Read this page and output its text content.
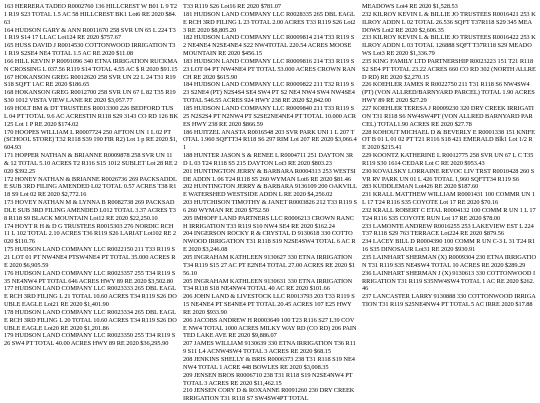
163 HERRERA TADEO R0002760 136 HILLCREST W B01 L 9 T21 R19 S23 TOTAL 1.5 AC 58 HILLCREST BK1 Lot6 RE 2020 $84.63

164 HUDSON GARY & ANN R0011670 258 SVR UN 65 L 224 T31 R19 S14 17 LLAC Lot124 RE 2020 $757.67

165 HUSS DAVID J R0014530 COTTONWOOD IRRIGATION T31 R19 S2SE4 NE4 TOTAL 1.5 AC RE 2020 $11.08

166 HILL KEVIN P R0091096 340 ETNA IRRIGATION RUCKMAN CROSSING L 037.56 R119 S14 TOTAL 4.55 AC $ R 2020 $91.15

167 HOKANSON GREG R0012620 258 SVR UN 22 L 24 T31 R19 S18 SQFT 1AC RE 2020 $186.65

168 HOKANSON GREG R0012700 258 SVR UN 67 L 82 T35 R19 S30 1012 VISTA VIEW LANE RE 2020 $3,057.77

169 HOLT BM & DT TRUSTEES R0013300 226 BEDFORD TUS L 04 PT TOTAL 9.6 AC ACRESTIN R118 S29 3143 CO RD 126 BK 125 Lot 1 P RE 2020 $174.02

170 HOOPES WILLIAM L R0007724 250 AFTON UN 1 L 02 PT (SCHOOL STORE) T32 R118 S39 190 FIR R2) Lot 1 p RE 2020 $1,604.93

171 HOPPER NATHAN & BRIANNE R0009878 258 SVR UN 11 & 12 TOTAL 5.10 ACRES T2 R116 S15 1012 SUBLET Lot 28 RE 2020 $392.25

172 HONEY NATHAN & BRIANNE R0026736 269 PACKSADDLE SUB 3RD FILING AMENDED L02 TOTAL 0.57 ACRES T38 R118 S9 Lot 02 RE 2020 $2,772.16

173 HOVEY NATHAN M & LYNNA B R0082738 269 PACKSADDLE SUB 3RD FILING AMENDED L012 TOTAL 3.37 ACRES T38 R118 S9 BLACK MOUNTAIN Lot12 RE 2020 $22,250.10

174 HOYT R H & D G TRUSTEES R0015303 276 NORDIC RCH 11 L 102 TOTAL 2.10 ACRES T36 R119 S26 LARIAT Lot102 RE 2020 $110.76

175 HUDSON LAND COMPANY LLC R0022150 211 T33 R119 S21 LOT 01 PT NW4NE4 PTSW4NE4 PT TOTAL 35.000 ACRES RE 2020 $6,905.59

176 HUDSON LAND COMPANY LLC R0023357 255 T34 R119 S35 NE4NW4 PT TOTAL 646 ACRES HWY 89 RE 2020 $3,502.80

177 HUDSON LAND COMPANY LLC R0023333 265 DBL EAGLE RCH 3RD FILING L 21 TOTAL 10.60 ACRES T34 R119 S26 DOUBLE EAGLE Lot21 RE 2020 $1,401.90

178 HUDSON LAND COMPANY LLC R0023334 265 DBL EAGLE RCH 3RD FILING L 20 TOTAL 10.60 ACRES T34 R119 S26 DOUBLE EAGLE Lot20 RE 2020 $1,201.86

179 HUDSON LAND COMPANY LLC R0023350 255 T34 R119 S26 SW4 PT TOTAL 40.00 ACRES HWY 89 RE 2020 $36,295.90

T33 R119 S26 Lot16 RE 2020 $781.07

181 HUDSON LAND COMPANY LLC R0028335 265 DBL EAGLE RCH 3RD FILING L 23 TOTAL 2.00 ACRES T33 R119 S26 Lot23 RE 2020 $8,805.20

182 HUDSON LAND COMPANY LLC R0009814 214 T33 R119 S2 NE4NE4 N2SE4NE4 S22 NW4TOTAL 220.54 ACRES MOOSE MOUNTAIN RE 2020 $456.15

183 HUDSON LAND COMPANY LLC R0009816 214 T33 R119 S23 LOT 04 PT NW4NE4 PT TOTAL 53.000 ACRES CROWN RANCH RE 2020 $615.90

184 HUDSON LAND COMPANY LLC R0009822 211 T32 R119 S23 S2NE4 (PT) N2S4S4 SE4 SW4 PT S2 NE4 NW4 SW4 NW4SE4 TOTAL 546.55 ACRES 924 HWY 238 RE 2020 $2,842.00

185 HUDSON LAND COMPANY LLC R0009840 211 T33 R119 S25 N2S2S4 PT N2NW4 PT S2SE2NE4NE4 PT TOTAL 10.000 ACRES HWY 238 RE 2020 $866.59

186 HUITZEL ANASTA R0016548 203 SVR PARK UNI 1 L 207 TOTAL 1.960 SQFTT34 R118 S6 297 RIM Lot 207 RE 2020 $3,066.41

188 HUNTER JASON S & RENEE L R0004711 251 DAYTON 3RD L 03 T24 R118 S5 215 DAYTON Lot3 RE 2020 $803.23

201 HUNTINGTON JERRY & BARBARA R0004313 253 WESTSIDE ADDN L 06 T24 R118 S5 260 WYMAN Lot6 RE 2020 $81.46

202 HUNTINGTON JERRY & BARBARA 9136109 200 OAKVILLE WATERSHED WESTSIDE ADDN L RE 2020 $4,256.02

203 HUTCHISON TIMOTHY & JANET R0003826 212 T33 R119 S6 260 WYMAN RE 2020 $752.50

205 IMHOFF LAND PARTNERS LLC R0006213 CROWN RANCH IRRIGATION T33 R119 S10 NW4 SE4 RE 2020 $162.24

204 INGERSON ROCKY R & CRYSTAL D 9130618 330 COTTONWOOD IRRIGATION T31 R118 S19 N2SE4SW4 TOTAL 6 AC RE 2020 $3,246.08

205 INGRAHAM KATHLEEN 9130627 330 ETNA IRRIGATION T34 R119 S15 27 AC PT E2NE4 TOTAL 27.00 ACRES RE 2020 $156.10

205 INGRAHAM KATHLEEN 9130631 330 ETNA IRRIGATION T34 R118 S18 NE4NW4 TOTAL 40 AC RE 2020 $101.66

206 JOHN LAND & LIVESTOCK LLC R0013793 203 T33 R119 S15 NE4NE4 PT SE4NE4 PT TOTAL 20.45 ACRES 107 E25 HWY RE 2020 $933.90

206 JACOBS ANDREW H R0003649 100 T23 R116 S27 L39 COVE NW4 TOTAL 1000 ACRES MILKY WAY RD (CO RD) 206 PAINTED LAKE AVE RE 2020 $9,886.07

207 JAMES WILLIAM 9130639 330 ETNA IRRIGATION T36 R119 S11 L4 ACNW4SW4 TOTAL 3 ACRES RE 2020 $68.15

208 JENKINS SHELLY & BRIS R0006373 238 T31 R118 S19 NE4NW4 TOTAL 1 ACRE 448 BOWLES RE 2020 $3,008.35

209 JENSEN BROS R0006710 238 T31 R118 S19 N2SE4NW4 PT TOTAL 3 ACRES RE 2020 $11,462.15

210 JENSEN CORY D & ROXANNE R0091260 230 DRY CREEK IRRIGATION T31 R118 S7 SW4SW4PT TOTAL

MEADOWS Lot4 RE 2020 $1,528.53

232 KILROY KEVIN L & BILLIE JO TRUSTEES R0016421 253 KILROY ADDN L 02 TOTAL 26.536 SQFT T37R118 S29 345 MEADOWS Lot2 RE 2020 $2,606.35

233 KILROY KEVIN L & BILLIE JO TRUSTEES R0016422 253 KILROY ADDN L 03 TOTAL 126888 SQFT T37R118 S29 MEADOWS Lot3 RE 2020 $1,336.79

235 KING FAMILY LTD PARTNERSHIP R0023223 151 T21 R118 S2 SE4 PT TOTAL 23.22 ACRES 660 CO RD 302 (NORTH ALLRED RD) RE 2020 $2,270.15

226 KOEHLER JAMES R R0022750 211 T31 R118 S6 NW4SW4 (PT) (VON ALLRED/BARNYARD PARCEL) TOTAL 1.90 ACRES HWY 89 RE 2020 $27.29

227 KOEHLER TERESA J R0009230 320 DRY CREEK IRRIGATION T31 R118 S6 NW4SW4PT (VON ALLRED BARNYARD PARCEL) TOTAL1.90 ACRES RE 2020 $27.78

228 KOHOUT MICHAEL D & BEVERLY E R0001338 151 KNIFE OT B 01 L 01 02 PT T21 R116 S18 421 EMERALD Blk1 Lot 1/2 RE 2020 $215.41

229 KOONTZ KATHERINE L R0012775 258 SVR UN 67 L C T35 R119 S30 1614 CEDAR Lot C RE 2020 $953.43

230 KOVALSKY LORRAINE REVOC LIV TRST R0010428 260 SVR RV PARK UN 01 L 426 TOTAL 1,960 SQFTT34 R119 S6

283 KUDDLEMAN Lot426 RE 2020 $187.60

231 KRALL MATTHEW WILLIAM R0001431 100 COMMR UN 1 L 17 T24 R116 S35 COYOTE Lot 17 RE 2020 $70.16

232 KRALL ROBERT C ETAL R0004132 100 COMM R UN 1 L 17 T24 R116 S35 COYOTE RUN Lot 17 RE 2020 $78.00

233 LAMONTE ANDREW R0016255 253 LAKEVIEW EST L 224 T37 R118 S29 763 TERRACE Lot224 RE 2020 $879.56

234 LACEY BILL D R0004390 100 COMM R UN C-3 L 31 T24 R116 S35 DINOSAUR Lot31 RE 2020 $930.91

235 LAINHART SHERMAN (X) R0009304 230 ETNA IRRIGATION T31 R119 S35 NE4SW4 TOTAL 10 ACRES RE 2020 $289.29

236 LAINHART SHERMAN J (X) 9130613 330 COTTONWOOD IRRIGATION T31 R119 S35NW4SW4 TOTAL 1 AC RE 2020 $262.46

237 LANCASTER LARRY 9130888 330 COTTONWOOD IRRIGATION T31 R119 S25NE4NW4 PT TOTAL 5 AC IRRE 2020 $17.88
